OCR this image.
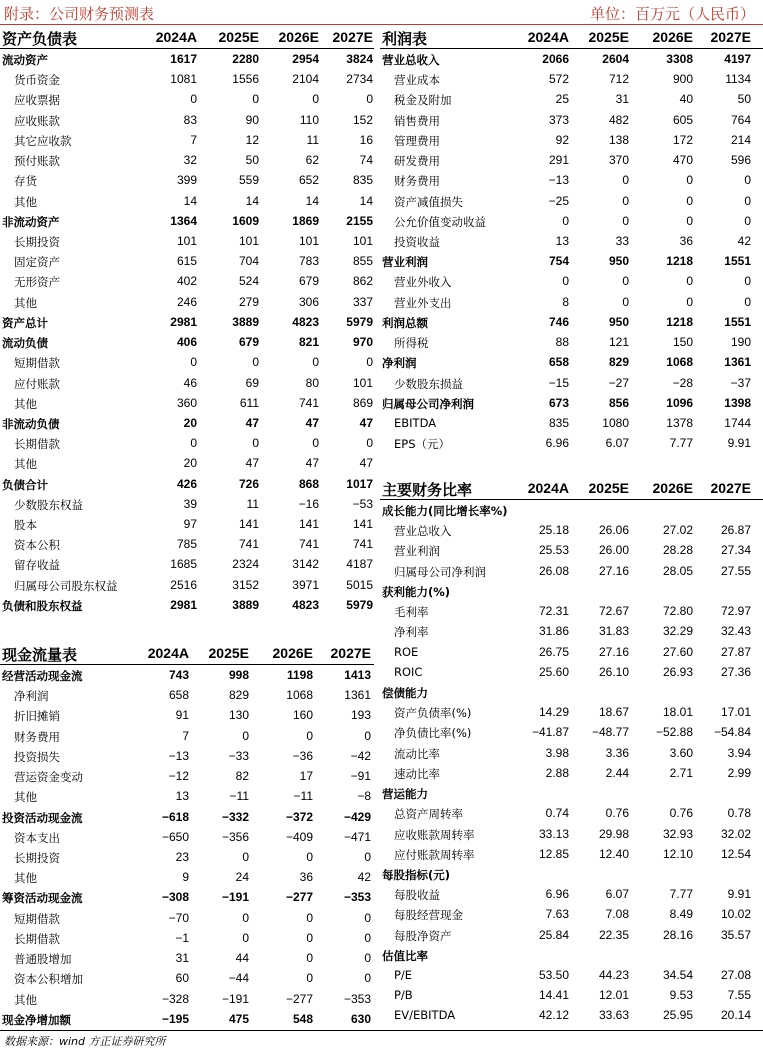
附录：公司财务预测表	单位：百万元（人民币）
资产负债表	2024A 2025E 2026E 2027E
流动资产	1617	2280	2954 3824
货币资金	1081	1556	2104 2734
应收票据	0	0	0	0
应收账款	83	90	110	152
其它应收款	7	12	11	16
预付账款	32	50	62	74
存货	399	559	652	835
其他	14	14	14	14
非流动资产	1364	1609	1869 2155
长期投资	101	101	101	101
固定资产	615	704	783	855
无形资产	402	524	679	862
其他	246	279	306	337
资产总计	2981	3889	4823 5979
流动负债	406	679	821	970
短期借款	0	0	0	0
应付账款	46	69	80	101
其他	360	611	741	869
非流动负债	20	47	47	47
长期借款	0	0	0	0
其他	20	47	47	47
负债合计	426	726	868 1017
少数股东权益	39	11	−16	−53
股本	97	141	141	141
资本公积	785	741	741	741
留存收益	1685	2324	3142 4187
归属母公司股东权益	2516	3152	3971 5015
负债和股东权益	2981	3889	4823 5979
现金流量表	2024A 2025E 2026E 2027E
经营活动现金流	743	998	1198	1413
净利润	658	829	1068	1361
折旧摊销	91	130	160	193
财务费用	7	0	0	0
投资损失	−13	−33	−36	−42
营运资金变动	−12	82	17	−91
其他	13	−11	−11	−8
投资活动现金流	−618	−332	−372	−429
资本支出	−650	−356	−409	−471
长期投资	23	0	0	0
其他	9	24	36	42
筹资活动现金流	−308	−191	−277	−353
短期借款	−70	0	0	0
长期借款	−1	0	0	0
普通股增加	31	44	0	0
资本公积增加	60	−44	0	0
其他	−328	−191	−277	−353
现金净增加额	−195	475	548	630
利润表	2024A 2025E 2026E 2027E
营业总收入	2066	2604	3308	4197
营业成本	572	712	900	1134
税金及附加	25	31	40	50
销售费用	373	482	605	764
管理费用	92	138	172	214
研发费用	291	370	470	596
财务费用	−13	0	0	0
资产减值损失	−25	0	0	0
公允价值变动收益	0	0	0	0
投资收益	13	33	36	42
营业利润	754	950	1218	1551
营业外收入	0	0	0	0
营业外支出	8	0	0	0
利润总额	746	950	1218	1551
所得税	88	121	150	190
净利润	658	829	1068	1361
少数股东损益	−15	−27	−28	−37
归属母公司净利润	673	856	1096	1398
EBITDA	835	1080	1378	1744
EPS（元）	6.96	6.07	7.77	9.91
主要财务比率	2024A 2025E 2026E 2027E
成长能力(同比增长率%)
营业总收入	25.18 26.06	27.02 26.87
营业利润	25.53 26.00	28.28 27.34
归属母公司净利润	26.08 27.16	28.05 27.55
获利能力(%)
毛利率	72.31 72.67	72.80 72.97
净利率	31.86 31.83	32.29 32.43
ROE	26.75 27.16	27.60 27.87
ROIC	25.60 26.10	26.93 27.36
偿债能力
资产负债率(%)	14.29 18.67	18.01 17.01
净负债比率(%)	−41.87 −48.77 −52.88 −54.84
流动比率	3.98	3.36	3.60	3.94
速动比率	2.88	2.44	2.71	2.99
营运能力
总资产周转率	0.74	0.76	0.76	0.78
应收账款周转率	33.13 29.98	32.93 32.02
应付账款周转率	12.85 12.40	12.10 12.54
每股指标(元)
每股收益	6.96	6.07	7.77	9.91
每股经营现金	7.63	7.08	8.49 10.02
每股净资产	25.84 22.35	28.16 35.57
估值比率
P/E	53.50 44.23	34.54 27.08
P/B	14.41 12.01	9.53	7.55
EV/EBITDA	42.12 33.63	25.95 20.14
数据来源：wind 方正证券研究所
